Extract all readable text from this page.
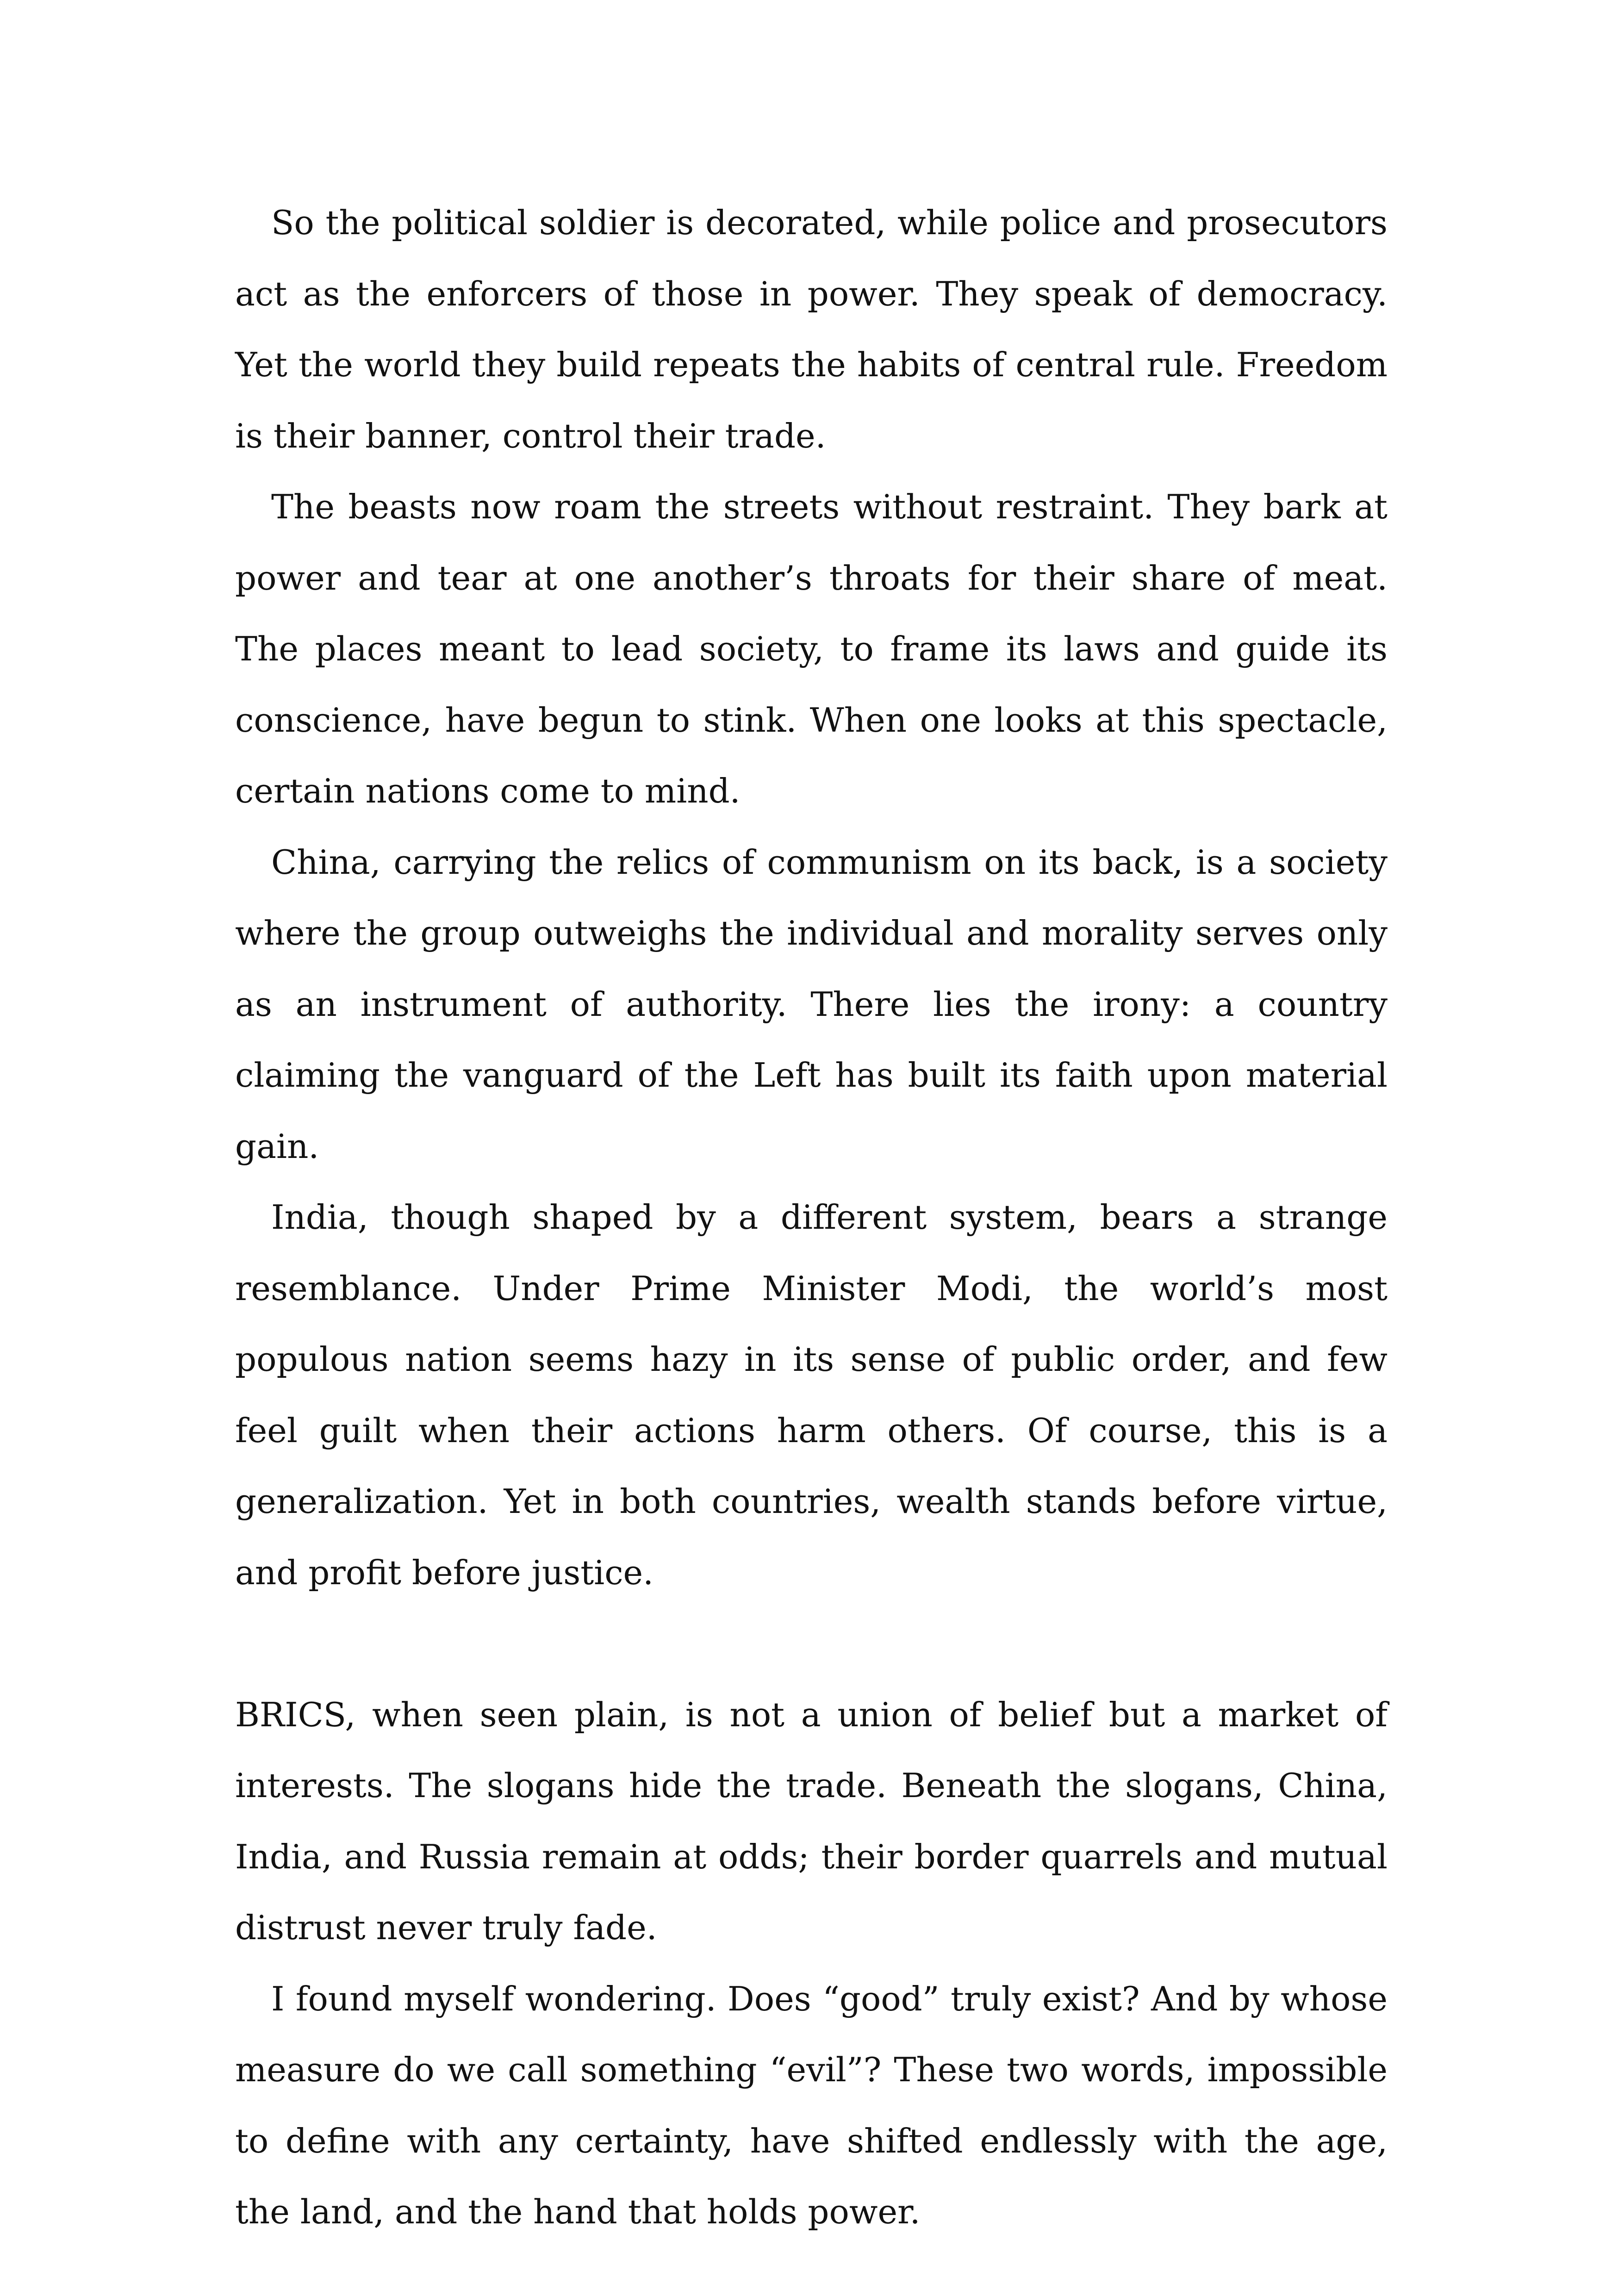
So the political soldier is decorated, while police and prosecutors act as the enforcers of those in power. They speak of democracy. Yet the world they build repeats the habits of central rule. Freedom is their banner, control their trade.

The beasts now roam the streets without restraint. They bark at power and tear at one another’s throats for their share of meat. The places meant to lead society, to frame its laws and guide its conscience, have begun to stink. When one looks at this spectacle, certain nations come to mind.

China, carrying the relics of communism on its back, is a society where the group outweighs the individual and morality serves only as an instrument of authority. There lies the irony: a country claiming the vanguard of the Left has built its faith upon material gain.

India, though shaped by a different system, bears a strange resemblance. Under Prime Minister Modi, the world’s most populous nation seems hazy in its sense of public order, and few feel guilt when their actions harm others. Of course, this is a generalization. Yet in both countries, wealth stands before virtue, and profit before justice.

BRICS, when seen plain, is not a union of belief but a market of interests. The slogans hide the trade. Beneath the slogans, China, India, and Russia remain at odds; their border quarrels and mutual distrust never truly fade.

I found myself wondering. Does “good” truly exist? And by whose measure do we call something “evil”? These two words, impossible to define with any certainty, have shifted endlessly with the age, the land, and the hand that holds power.
